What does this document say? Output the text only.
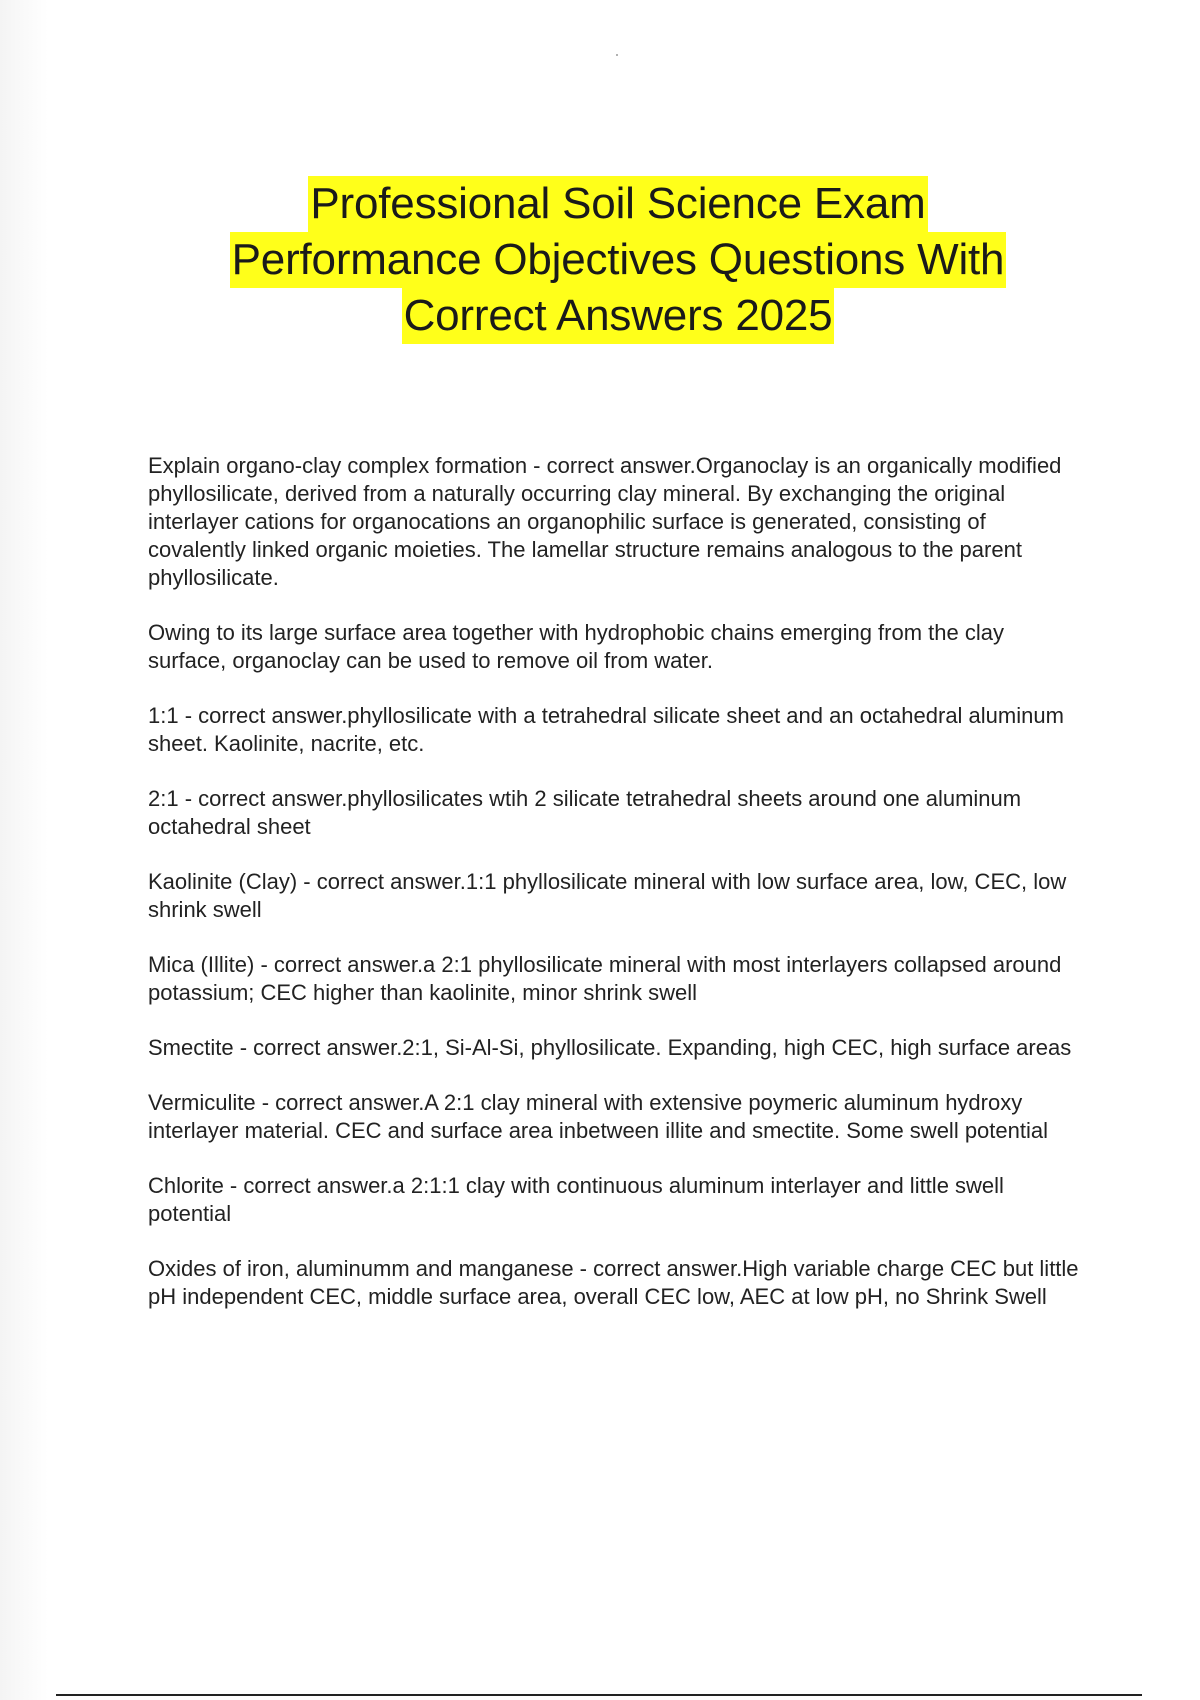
Professional Soil Science Exam
Performance Objectives Questions With
Correct Answers 2025

Explain organo-clay complex formation - correct answer.Organoclay is an organically modified phyllosilicate, derived from a naturally occurring clay mineral. By exchanging the original interlayer cations for organocations an organophilic surface is generated, consisting of covalently linked organic moieties. The lamellar structure remains analogous to the parent phyllosilicate.

Owing to its large surface area together with hydrophobic chains emerging from the clay surface, organoclay can be used to remove oil from water.

1:1 - correct answer.phyllosilicate with a tetrahedral silicate sheet and an octahedral aluminum sheet. Kaolinite, nacrite, etc.

2:1 - correct answer.phyllosilicates wtih 2 silicate tetrahedral sheets around one aluminum octahedral sheet

Kaolinite (Clay) - correct answer.1:1 phyllosilicate mineral with low surface area, low, CEC, low shrink swell

Mica (Illite) - correct answer.a 2:1 phyllosilicate mineral with most interlayers collapsed around potassium; CEC higher than kaolinite, minor shrink swell

Smectite - correct answer.2:1, Si-Al-Si, phyllosilicate. Expanding, high CEC, high surface areas

Vermiculite - correct answer.A 2:1 clay mineral with extensive poymeric aluminum hydroxy interlayer material. CEC and surface area inbetween illite and smectite. Some swell potential

Chlorite - correct answer.a 2:1:1 clay with continuous aluminum interlayer and little swell potential

Oxides of iron, aluminumm and manganese - correct answer.High variable charge CEC but little pH independent CEC, middle surface area, overall CEC low, AEC at low pH, no Shrink Swell
